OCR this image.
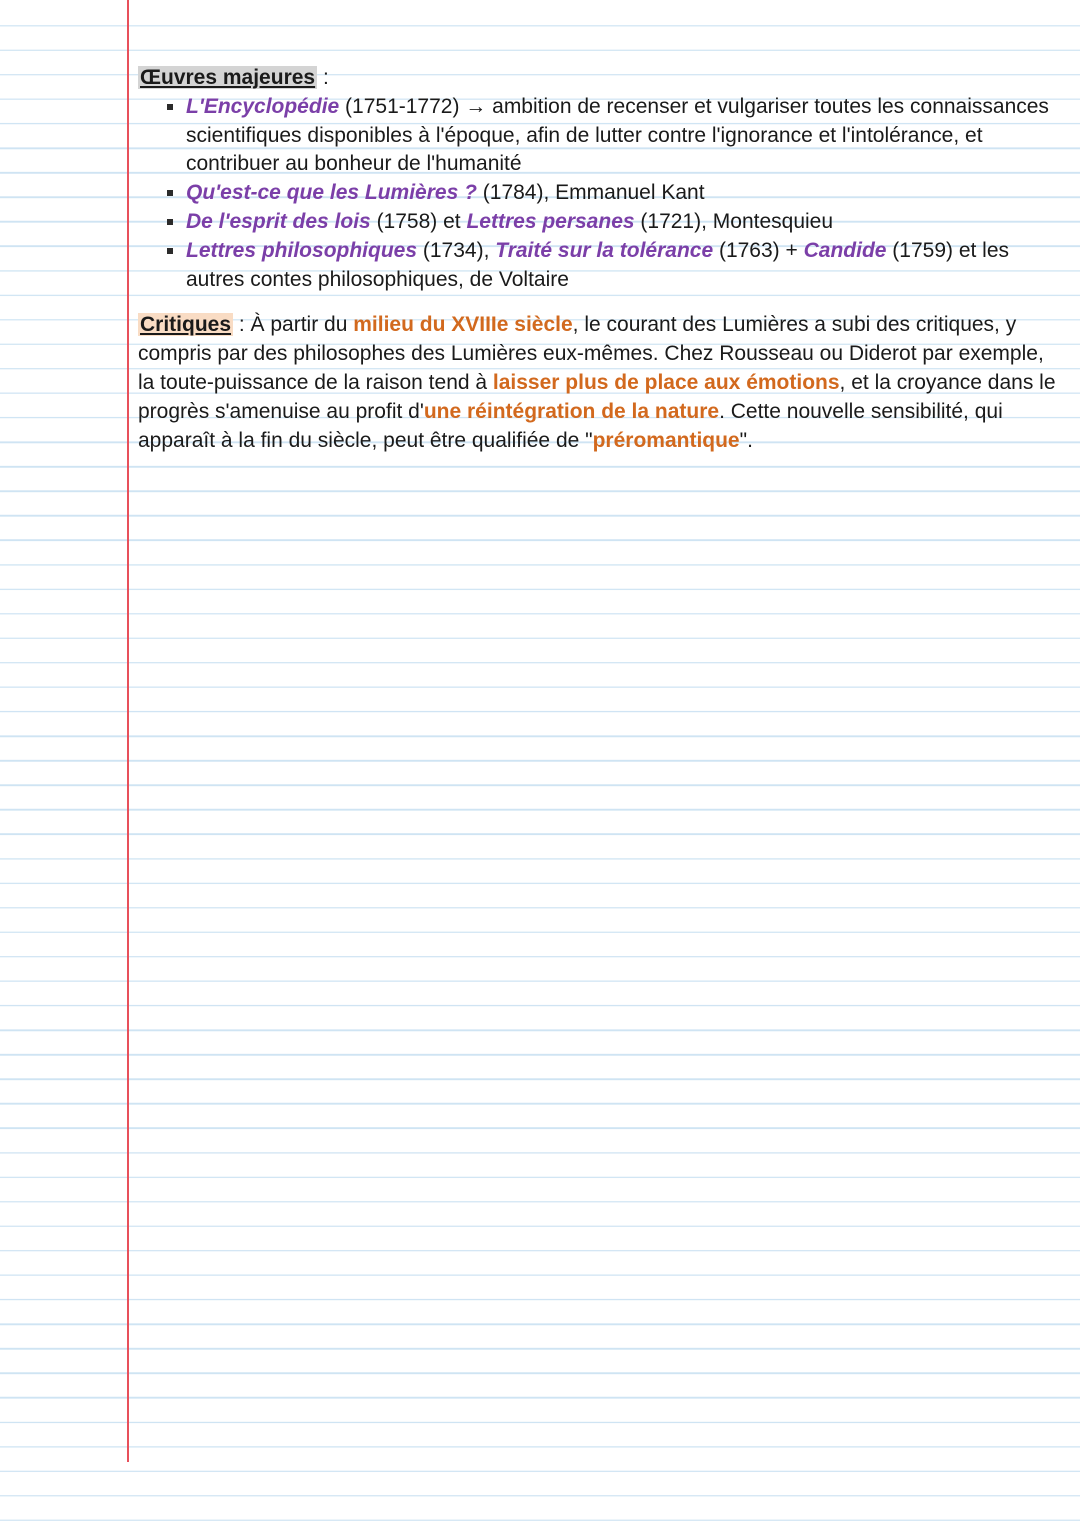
Œuvres majeures :

L'Encyclopédie (1751-1772) → ambition de recenser et vulgariser toutes les connaissances scientifiques disponibles à l'époque, afin de lutter contre l'ignorance et l'intolérance, et contribuer au bonheur de l'humanité
Qu'est-ce que les Lumières ? (1784), Emmanuel Kant
De l'esprit des lois (1758) et Lettres persanes (1721), Montesquieu
Lettres philosophiques (1734), Traité sur la tolérance (1763) + Candide (1759) et les autres contes philosophiques, de Voltaire

Critiques : À partir du milieu du XVIIIe siècle, le courant des Lumières a subi des critiques, y compris par des philosophes des Lumières eux-mêmes. Chez Rousseau ou Diderot par exemple, la toute-puissance de la raison tend à laisser plus de place aux émotions, et la croyance dans le progrès s'amenuise au profit d'une réintégration de la nature. Cette nouvelle sensibilité, qui apparaît à la fin du siècle, peut être qualifiée de "préromantique".
